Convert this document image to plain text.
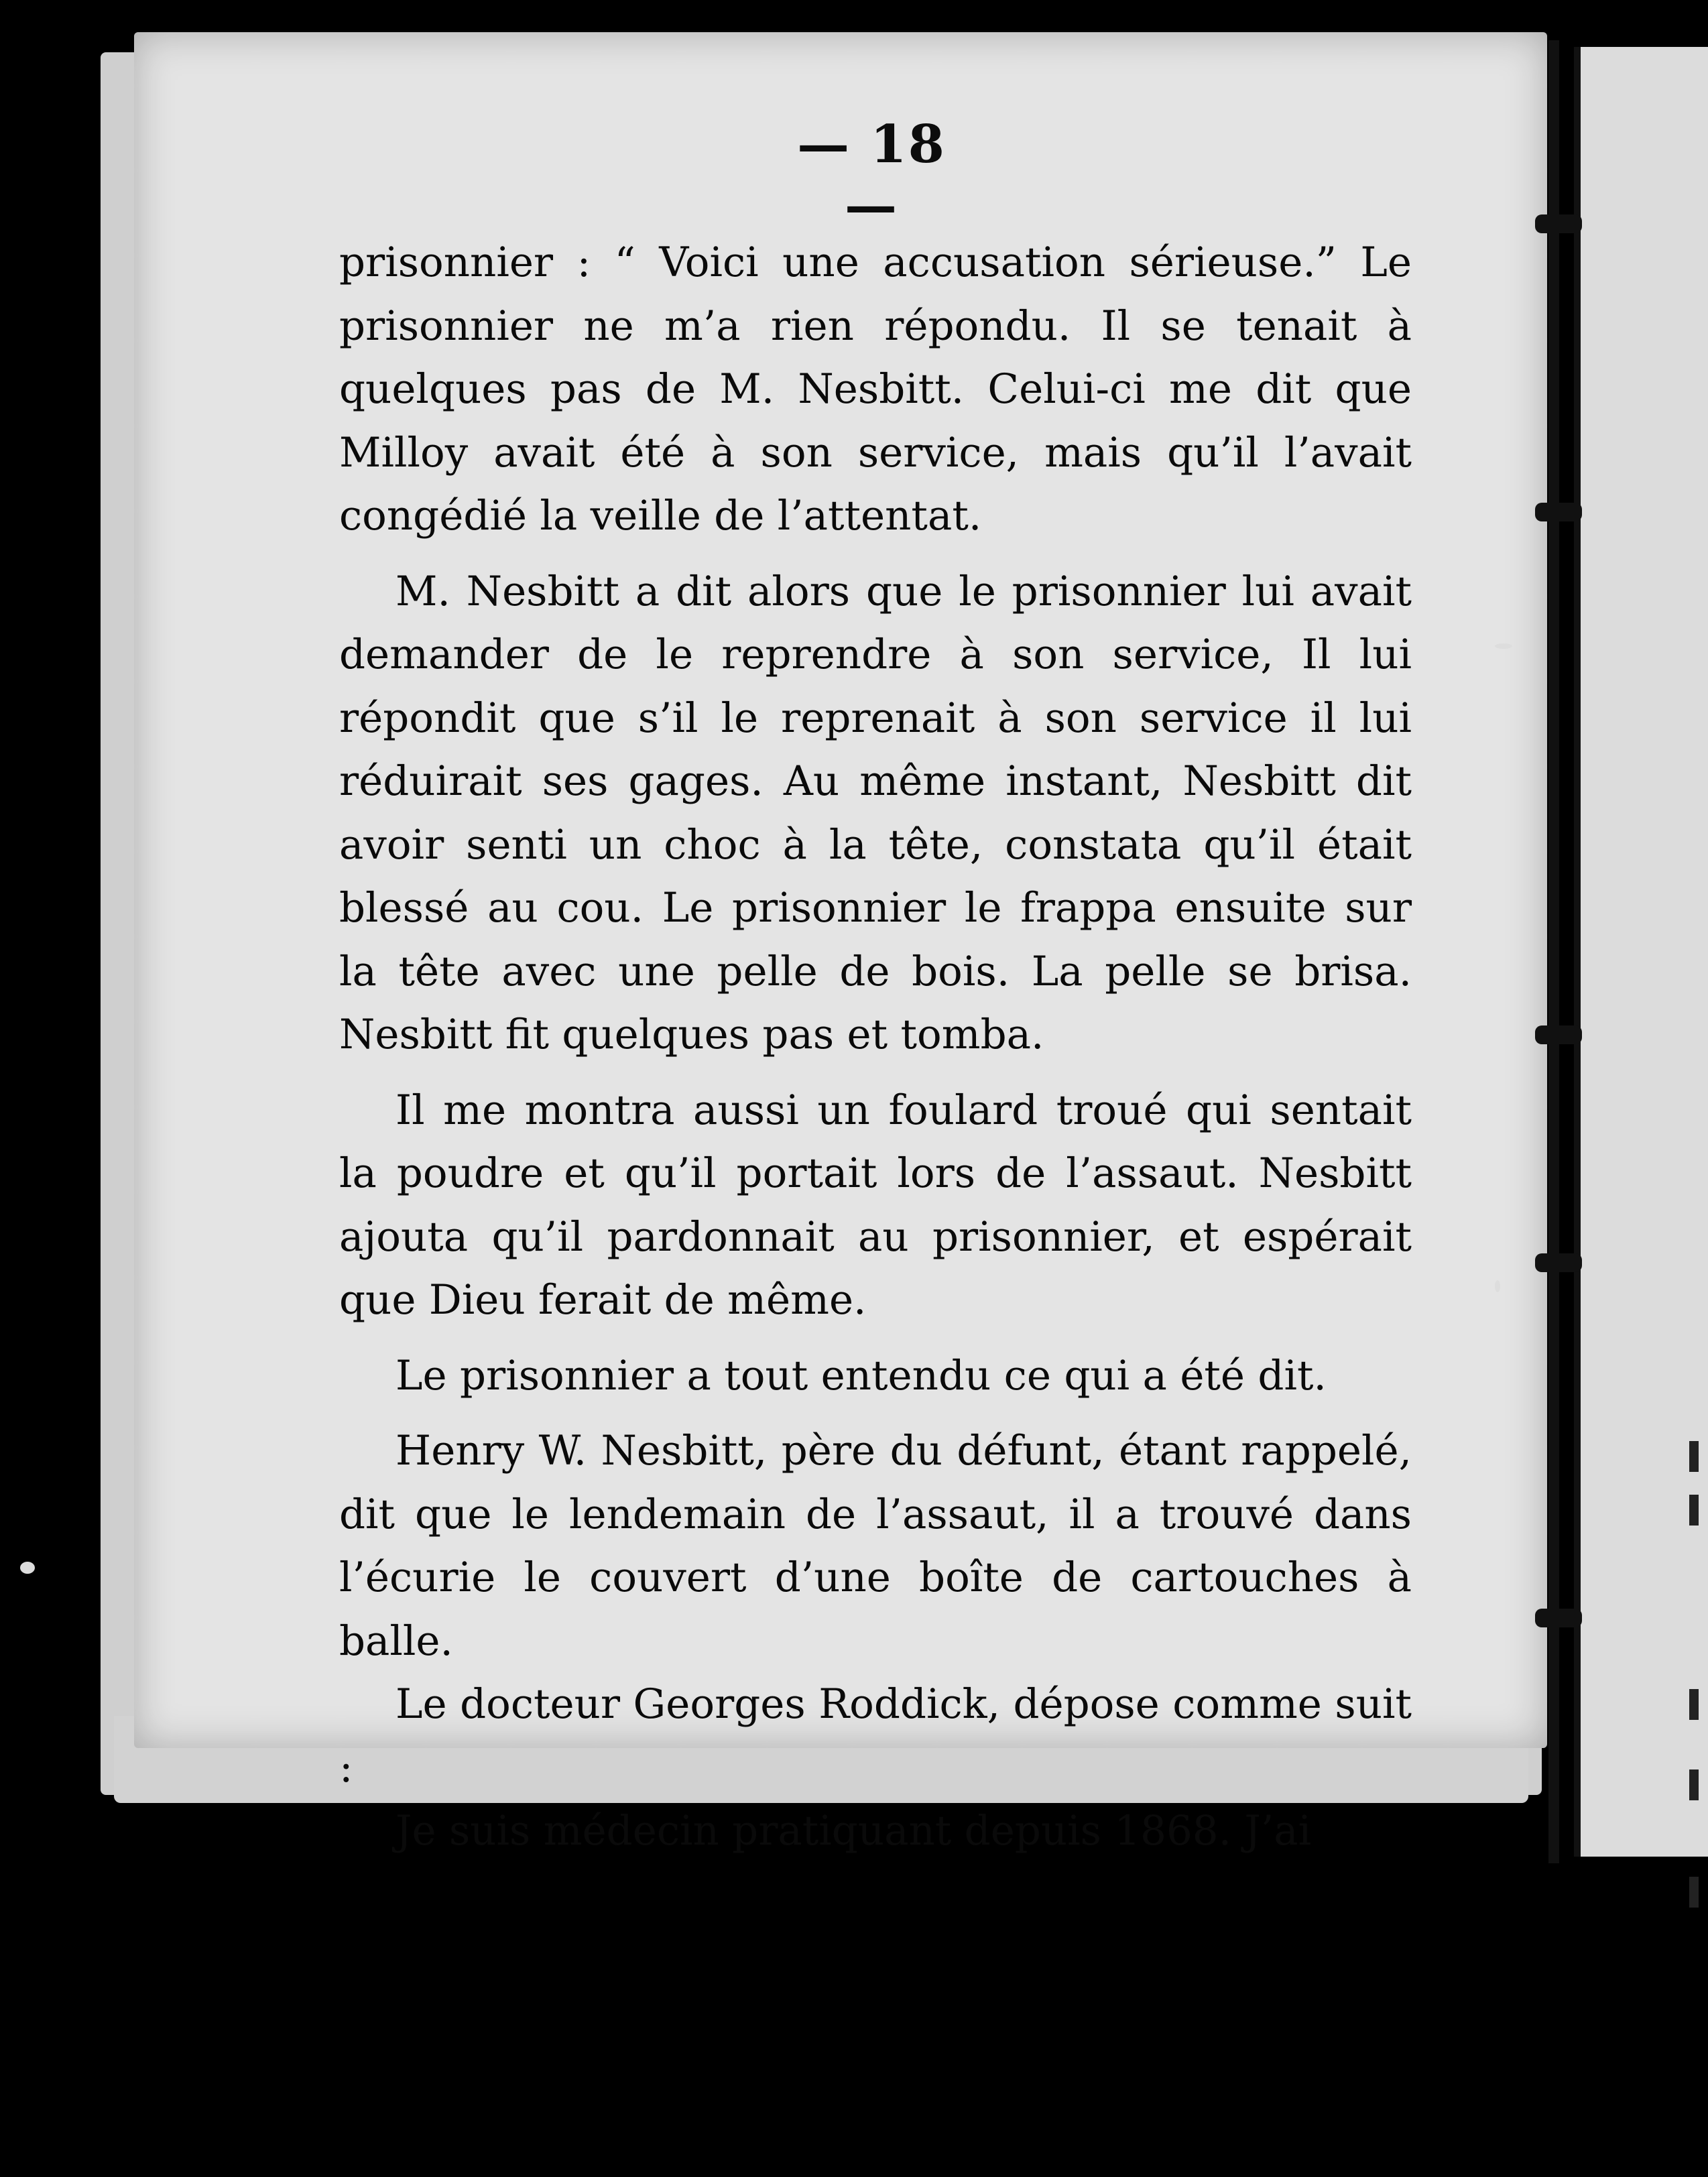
— 18 —

prisonnier : “ Voici une accusation sérieuse.” Le prisonnier ne m’a rien répondu. Il se tenait à quelques pas de M. Nesbitt. Celui-ci me dit que Milloy avait été à son service, mais qu’il l’avait congédié la veille de l’attentat.

M. Nesbitt a dit alors que le prisonnier lui avait demander de le reprendre à son service, Il lui répondit que s’il le reprenait à son service il lui réduirait ses gages. Au même instant, Nesbitt dit avoir senti un choc à la tête, constata qu’il était blessé au cou. Le prisonnier le frappa ensuite sur la tête avec une pelle de bois. La pelle se brisa. Nesbitt fit quelques pas et tomba.

Il me montra aussi un foulard troué qui sentait la poudre et qu’il portait lors de l’assaut. Nesbitt ajouta qu’il pardonnait au prisonnier, et espérait que Dieu ferait de même.

Le prisonnier a tout entendu ce qui a été dit.

Henry W. Nesbitt, père du défunt, étant rappelé, dit que le lendemain de l’assaut, il a trouvé dans l’écurie le couvert d’une boîte de cartouches à balle.

Le docteur Georges Roddick, dépose comme suit :

Je suis médecin pratiquant depuis 1868. J’ai
